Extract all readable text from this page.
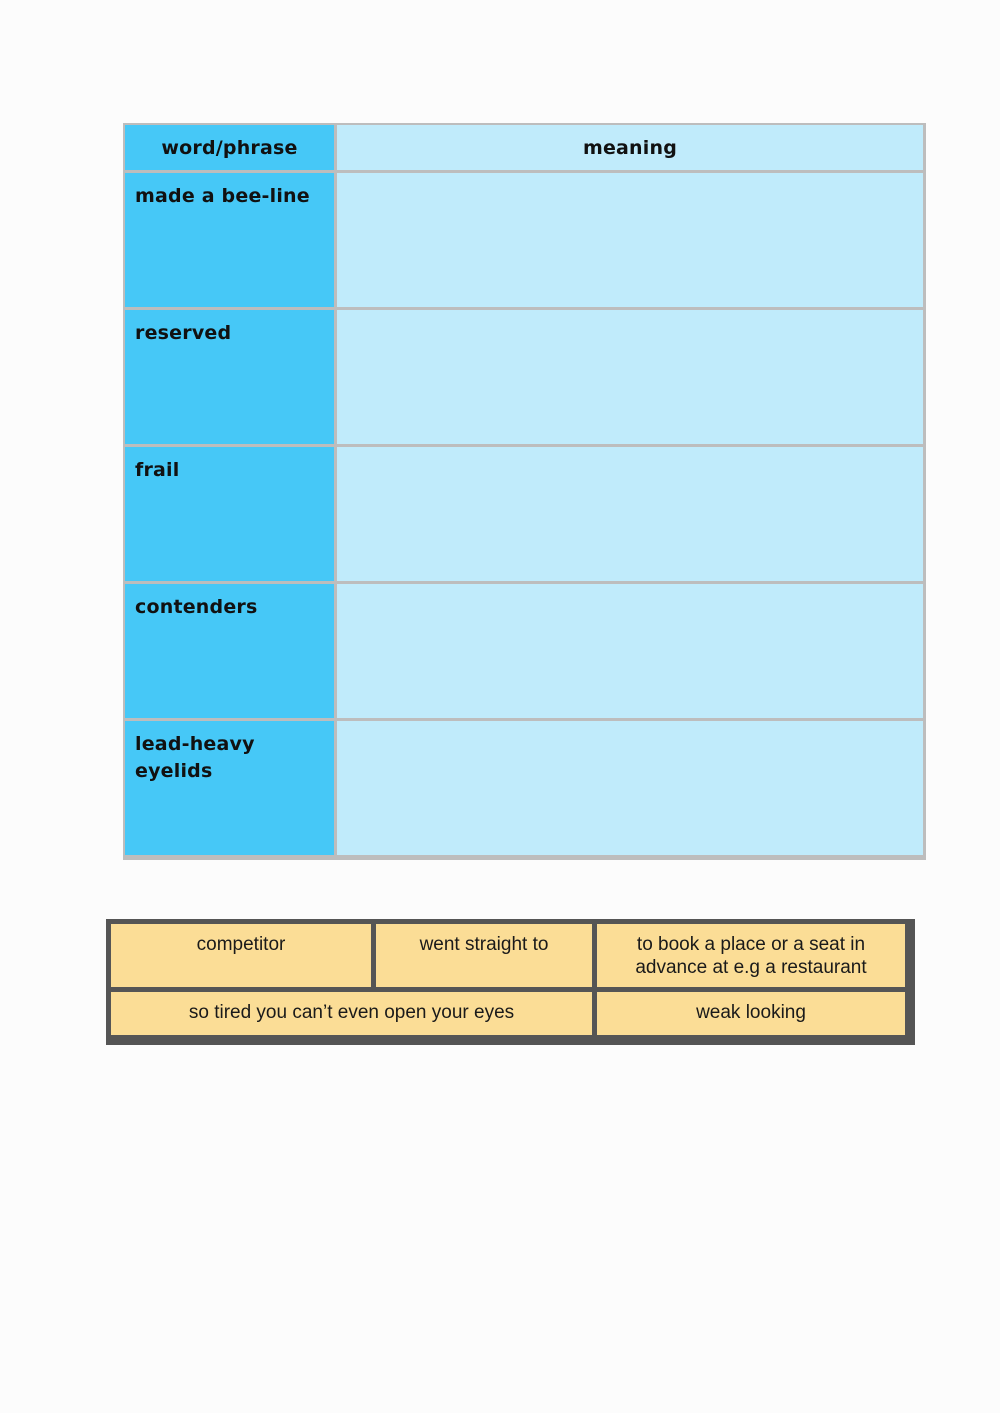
word/phrase	meaning
made a bee-line
reserved
frail
contenders
lead-heavy eyelids
competitor	went straight to	to book a place or a seat in advance at e.g a restaurant
so tired you can’t even open your eyes	weak looking
